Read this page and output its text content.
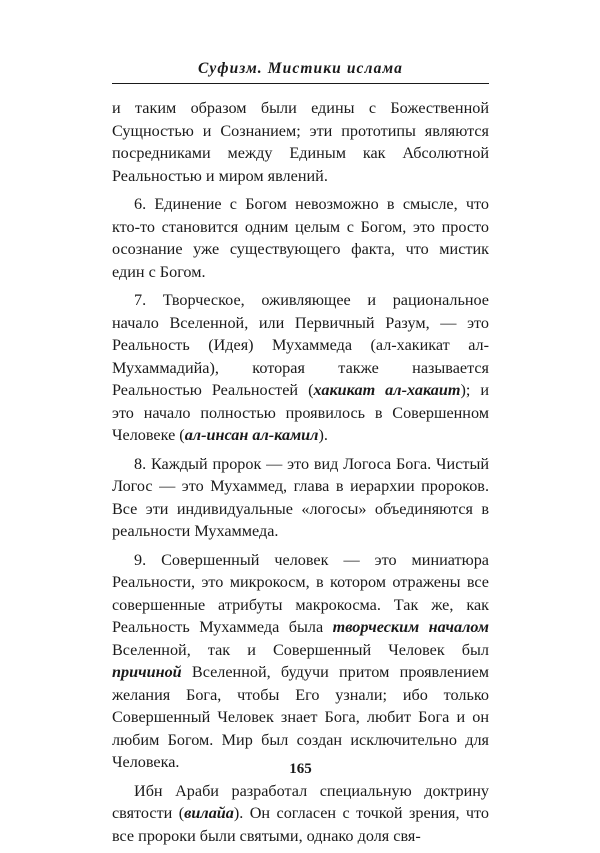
Суфизм. Мистики ислама

и таким образом были едины с Божественной Сущностью и Сознанием; эти прототипы являются посредниками между Единым как Абсолютной Реальностью и миром явлений.

6. Единение с Богом невозможно в смысле, что кто-то становится одним целым с Богом, это просто осознание уже существующего факта, что мистик един с Богом.

7. Творческое, оживляющее и рациональное начало Вселенной, или Первичный Разум, — это Реальность (Идея) Мухаммеда (ал-хакикат ал-Мухаммадийа), которая также называется Реальностью Реальностей (хакикат ал-хакаит); и это начало полностью проявилось в Совершенном Человеке (ал-инсан ал-камил).

8. Каждый пророк — это вид Логоса Бога. Чистый Логос — это Мухаммед, глава в иерархии пророков. Все эти индивидуальные «логосы» объединяются в реальности Мухаммеда.

9. Совершенный человек — это миниатюра Реальности, это микрокосм, в котором отражены все совершенные атрибуты макрокосма. Так же, как Реальность Мухаммеда была творческим началом Вселенной, так и Совершенный Человек был причиной Вселенной, будучи притом проявлением желания Бога, чтобы Его узнали; ибо только Совершенный Человек знает Бога, любит Бога и он любим Богом. Мир был создан исключительно для Человека.

Ибн Араби разработал специальную доктрину святости (вилайа). Он согласен с точкой зрения, что все пророки были святыми, однако доля свя-

165
